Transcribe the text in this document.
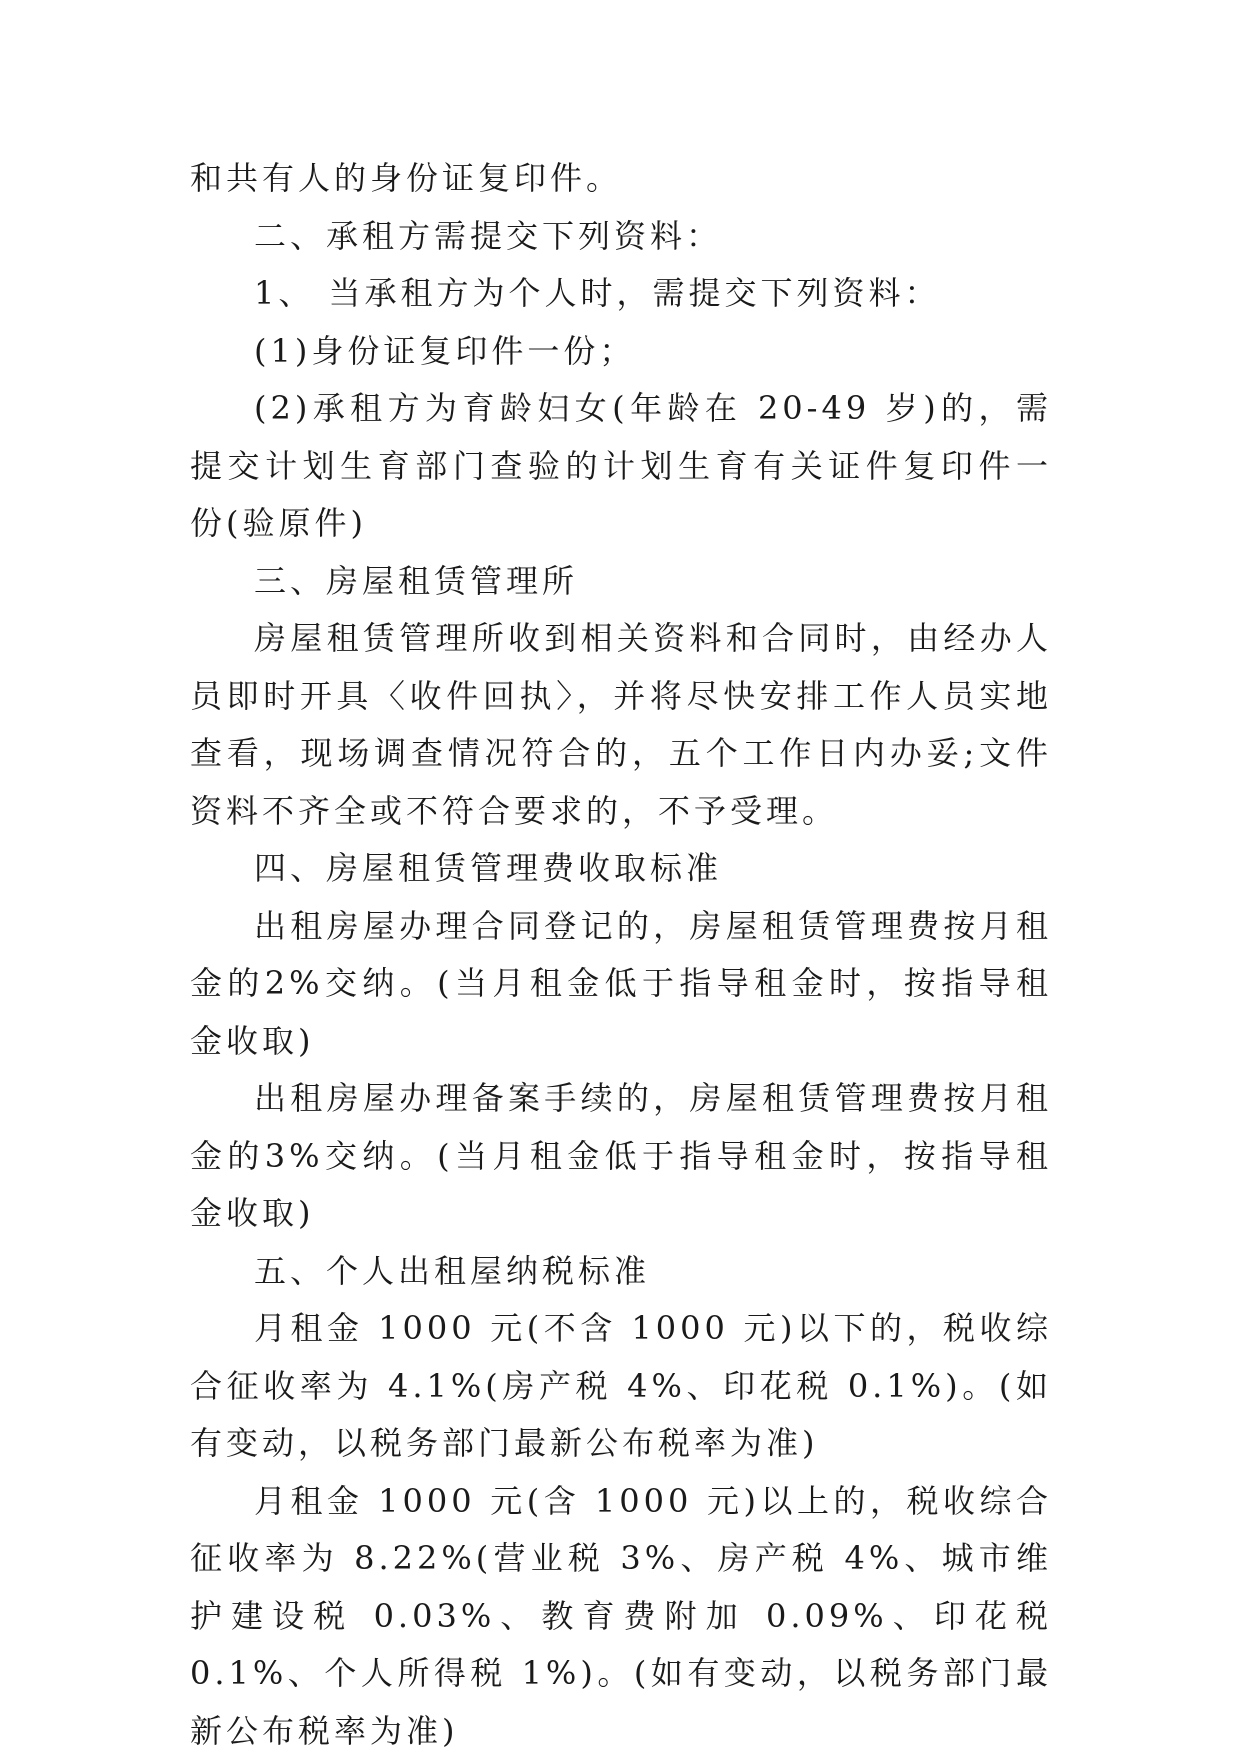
和共有人的身份证复印件。

二、承租方需提交下列资料：

1、 当承租方为个人时，需提交下列资料：

(1)身份证复印件一份；

(2)承租方为育龄妇女(年龄在 20-49 岁)的，需提交计划生育部门查验的计划生育有关证件复印件一份(验原件)

三、房屋租赁管理所

房屋租赁管理所收到相关资料和合同时，由经办人员即时开具〈收件回执〉，并将尽快安排工作人员实地查看，现场调查情况符合的，五个工作日内办妥;文件资料不齐全或不符合要求的，不予受理。

四、房屋租赁管理费收取标准

出租房屋办理合同登记的，房屋租赁管理费按月租金的2%交纳。(当月租金低于指导租金时，按指导租金收取)

出租房屋办理备案手续的，房屋租赁管理费按月租金的3%交纳。(当月租金低于指导租金时，按指导租金收取)

五、个人出租屋纳税标准

月租金 1000 元(不含 1000 元)以下的，税收综合征收率为 4.1%(房产税 4%、印花税 0.1%)。(如有变动，以税务部门最新公布税率为准)

月租金 1000 元(含 1000 元)以上的，税收综合征收率为 8.22%(营业税 3%、房产税 4%、城市维护建设税 0.03%、教育费附加 0.09%、印花税 0.1%、个人所得税 1%)。(如有变动，以税务部门最新公布税率为准)
